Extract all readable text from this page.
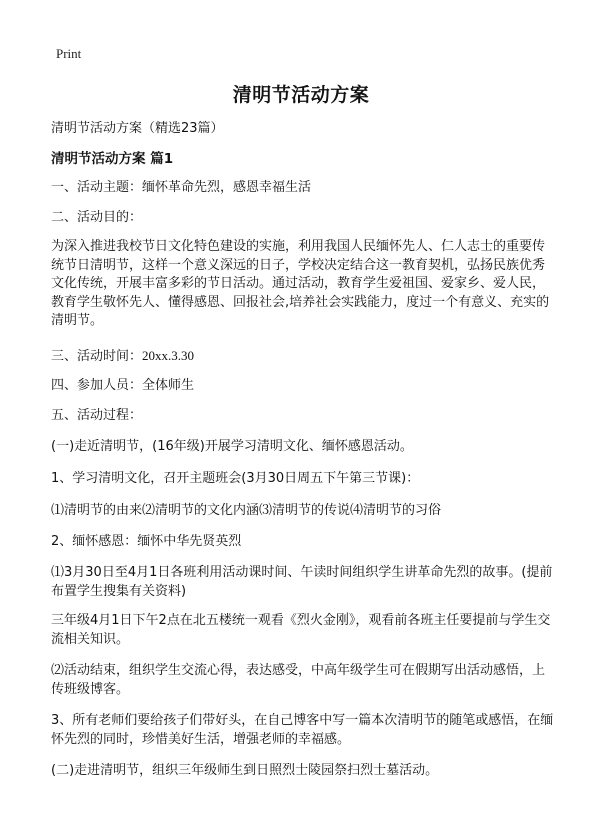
Print
清明节活动方案

清明节活动方案（精选23篇）

清明节活动方案 篇1

一、活动主题：缅怀革命先烈，感恩幸福生活

二、活动目的：

为深入推进我校节日文化特色建设的实施，利用我国人民缅怀先人、仁人志士的重要传统节日清明节，这样一个意义深远的日子，学校决定结合这一教育契机，弘扬民族优秀文化传统，开展丰富多彩的节日活动。通过活动，教育学生爱祖国、爱家乡、爱人民，教育学生敬怀先人、懂得感恩、回报社会,培养社会实践能力，度过一个有意义、充实的清明节。

三、活动时间：20xx.3.30

四、参加人员：全体师生

五、活动过程：

(一)走近清明节，(16年级)开展学习清明文化、缅怀感恩活动。

1、学习清明文化，召开主题班会(3月30日周五下午第三节课)：

⑴清明节的由来⑵清明节的文化内涵⑶清明节的传说⑷清明节的习俗

2、缅怀感恩：缅怀中华先贤英烈

⑴3月30日至4月1日各班利用活动课时间、午读时间组织学生讲革命先烈的故事。(提前布置学生搜集有关资料)

三年级4月1日下午2点在北五楼统一观看《烈火金刚》，观看前各班主任要提前与学生交流相关知识。

⑵活动结束，组织学生交流心得，表达感受，中高年级学生可在假期写出活动感悟，上传班级博客。

3、所有老师们要给孩子们带好头，在自己博客中写一篇本次清明节的随笔或感悟，在缅怀先烈的同时，珍惜美好生活，增强老师的幸福感。

(二)走进清明节，组织三年级师生到日照烈士陵园祭扫烈士墓活动。
